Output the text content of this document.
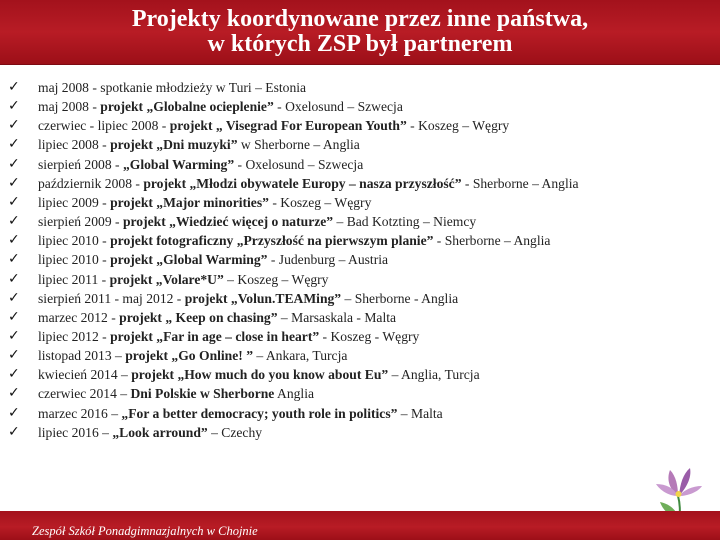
Projekty koordynowane przez inne państwa,
w których ZSP był partnerem
✓ maj 2008 - spotkanie młodzieży w Turi – Estonia
✓ maj 2008 - projekt „Globalne ocieplenie” - Oxelosund – Szwecja
✓ czerwiec - lipiec 2008 - projekt „ Visegrad For European Youth” - Koszeg – Węgry
✓ lipiec 2008 - projekt „Dni muzyki” w Sherborne – Anglia
✓ sierpień 2008 - „Global Warming” - Oxelosund – Szwecja
✓ październik 2008 - projekt „Młodzi obywatele Europy – nasza przyszłość” - Sherborne – Anglia
✓ lipiec 2009 - projekt „Major minorities” - Koszeg – Węgry
✓ sierpień 2009 - projekt „Wiedzieć więcej o naturze” – Bad Kotzting – Niemcy
✓ lipiec 2010 - projekt fotograficzny „Przyszłość na pierwszym planie” - Sherborne – Anglia
✓ lipiec 2010 - projekt „Global Warming” - Judenburg – Austria
✓ lipiec 2011 - projekt „Volare*U” – Koszeg – Węgry
✓ sierpień 2011 - maj 2012 - projekt „Volun.TEAMing” – Sherborne - Anglia
✓ marzec 2012 - projekt „ Keep on chasing” – Marsaskala - Malta
✓ lipiec 2012 - projekt „Far in age – close in heart” - Koszeg - Węgry
✓ listopad 2013 – projekt „Go Online! ” – Ankara, Turcja
✓ kwiecień 2014 – projekt „How much do you know about Eu” – Anglia, Turcja
✓ czerwiec 2014 – Dni Polskie w Sherborne Anglia
✓ marzec 2016 – „For a better democracy; youth role in politics” – Malta
✓ lipiec 2016 – „Look arround” – Czechy
Zespół Szkół Ponadgimnazjalnych w Chojnie
